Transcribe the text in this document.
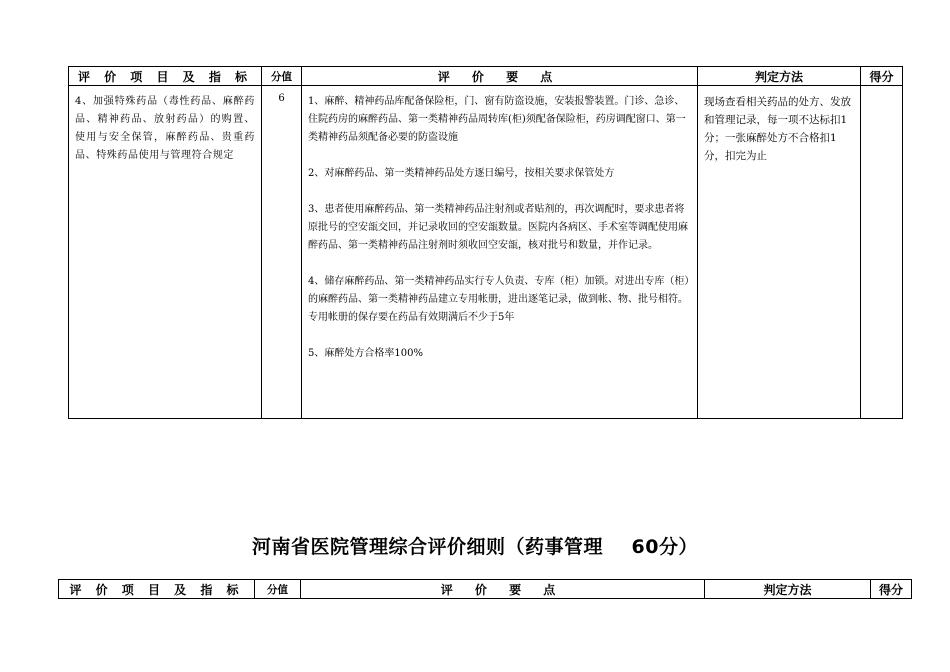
评 价 项 目 及 指 标	分值	评 价 要 点	判定方法	得分
4、加强特殊药品（毒性药品、麻醉药品、精神药品、放射药品）的购置、使用与安全保管，麻醉药品、贵重药品、特殊药品使用与管理符合规定	6	1、麻醉、精神药品库配备保险柜，门、窗有防盗设施，安装报警装置。门诊、急诊、住院药房的麻醉药品、第一类精神药品周转库(柜)须配备保险柜，药房调配窗口、第一类精神药品须配备必要的防盗设施

2、对麻醉药品、第一类精神药品处方逐日编号，按相关要求保管处方

3、患者使用麻醉药品、第一类精神药品注射剂或者贴剂的，再次调配时，要求患者将原批号的空安瓿交回，并记录收回的空安瓿数量。医院内各病区、手术室等调配使用麻醉药品、第一类精神药品注射剂时须收回空安瓿，核对批号和数量，并作记录。

4、储存麻醉药品、第一类精神药品实行专人负责、专库（柜）加锁。对进出专库（柜）的麻醉药品、第一类精神药品建立专用帐册，进出逐笔记录，做到帐、物、批号相符。专用帐册的保存要在药品有效期满后不少于5年

5、麻醉处方合格率100%	现场查看相关药品的处方、发放和管理记录，每一项不达标扣1分；一张麻醉处方不合格扣1分，扣完为止	
河南省医院管理综合评价细则（药事管理    60分）
评 价 项 目 及 指 标	分值	评 价 要 点	判定方法	得分
